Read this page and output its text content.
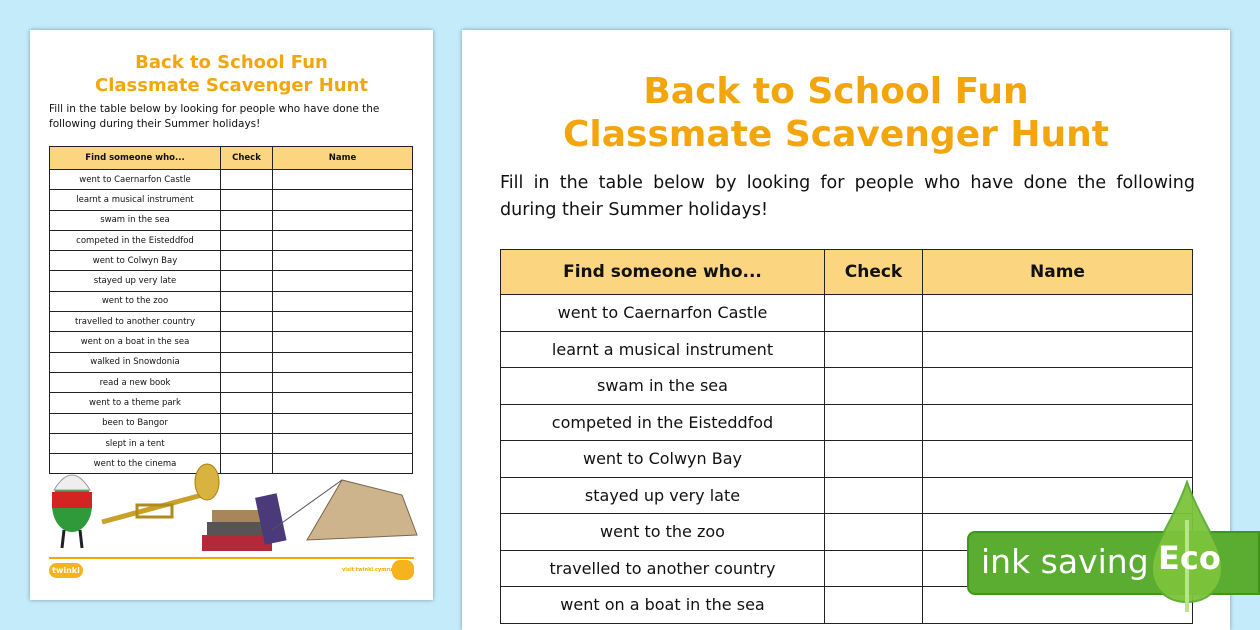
Back to School Fun
Classmate Scavenger Hunt
Fill in the table below by looking for people who have done the following during their Summer holidays!
Find someone who...	Check	Name
went to Caernarfon Castle		
learnt a musical instrument		
swam in the sea		
competed in the Eisteddfod		
went to Colwyn Bay		
stayed up very late		
went to the zoo		
travelled to another country		
went on a boat in the sea		
walked in Snowdonia		
read a new book		
went to a theme park		
been to Bangor		
slept in a tent		
went to the cinema		
twinkl	visit twinkl.cymru
Back to School Fun
Classmate Scavenger Hunt
Fill in the table below by looking for people who have done the following during their Summer holidays!
Find someone who...	Check	Name
went to Caernarfon Castle		
learnt a musical instrument		
swam in the sea		
competed in the Eisteddfod		
went to Colwyn Bay		
stayed up very late		
went to the zoo		
travelled to another country		
went on a boat in the sea		
ink saving Eco
